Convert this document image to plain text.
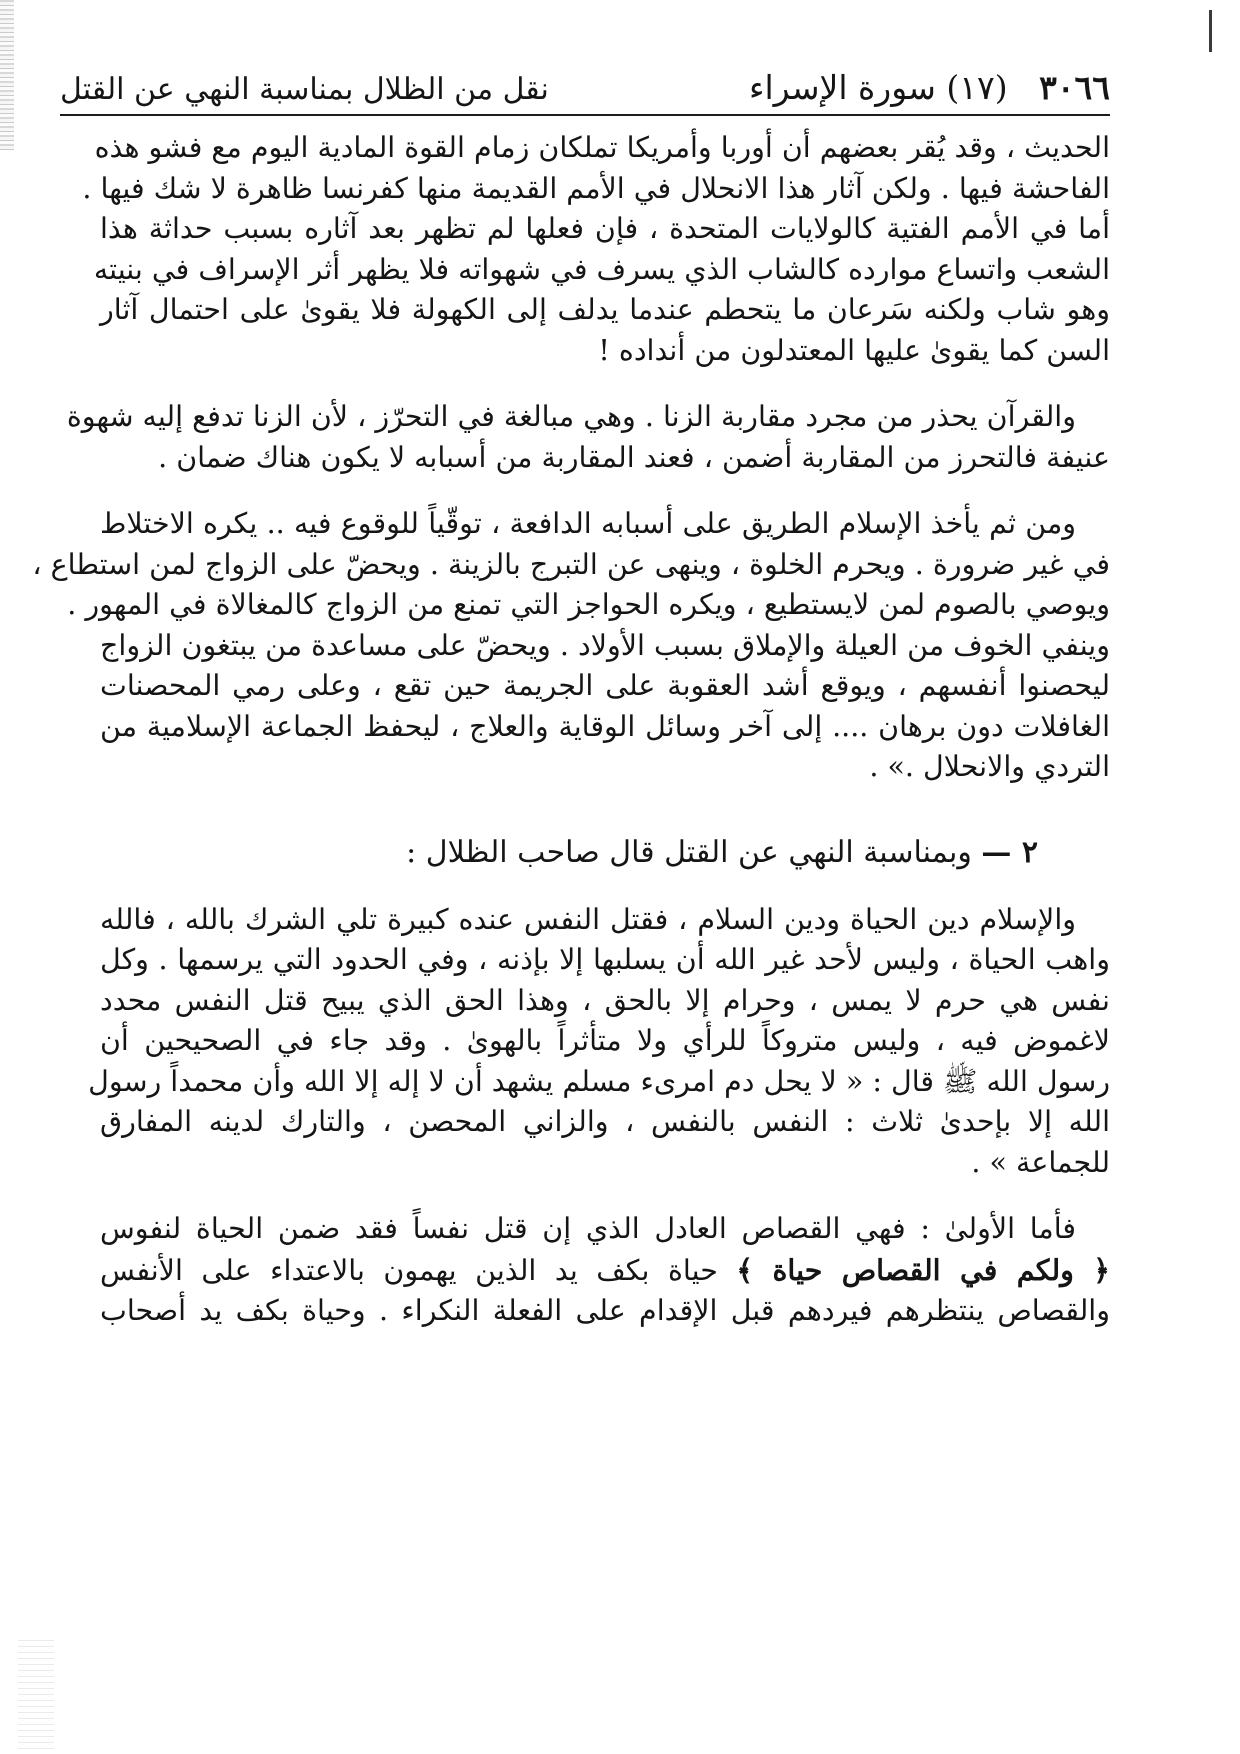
٣٠٦٦   (١٧) سورة الإسراء
نقل من الظلال بمناسبة النهي عن القتل

الحديث ، وقد يُقر بعضهم أن أوربا وأمريكا تملكان زمام القوة المادية اليوم مع فشو هذه
الفاحشة فيها . ولكن آثار هذا الانحلال في الأمم القديمة منها كفرنسا ظاهرة لا شك فيها .
أما في الأمم الفتية كالولايات المتحدة ، فإن فعلها لم تظهر بعد آثاره بسبب حداثة هذا
الشعب واتساع موارده كالشاب الذي يسرف في شهواته فلا يظهر أثر الإسراف في بنيته
وهو شاب ولكنه سَرعان ما يتحطم عندما يدلف إلى الكهولة فلا يقوىٰ على احتمال آثار
السن كما يقوىٰ عليها المعتدلون من أنداده !

والقرآن يحذر من مجرد مقاربة الزنا . وهي مبالغة في التحرّز ، لأن الزنا تدفع إليه شهوة
عنيفة فالتحرز من المقاربة أضمن ، فعند المقاربة من أسبابه لا يكون هناك ضمان .

ومن ثم يأخذ الإسلام الطريق على أسبابه الدافعة ، توقّياً للوقوع فيه .. يكره الاختلاط
في غير ضرورة . ويحرم الخلوة ، وينهى عن التبرج بالزينة . ويحضّ على الزواج لمن استطاع ،
ويوصي بالصوم لمن لايستطيع ، ويكره الحواجز التي تمنع من الزواج كالمغالاة في المهور .
وينفي الخوف من العيلة والإملاق بسبب الأولاد . ويحضّ على مساعدة من يبتغون الزواج
ليحصنوا أنفسهم ، ويوقع أشد العقوبة على الجريمة حين تقع ، وعلى رمي المحصنات
الغافلات دون برهان .... إلى آخر وسائل الوقاية والعلاج ، ليحفظ الجماعة الإسلامية من
التردي والانحلال .» .

٢ — وبمناسبة النهي عن القتل قال صاحب الظلال :

والإسلام دين الحياة ودين السلام ، فقتل النفس عنده كبيرة تلي الشرك بالله ، فالله
واهب الحياة ، وليس لأحد غير الله أن يسلبها إلا بإذنه ، وفي الحدود التي يرسمها . وكل
نفس هي حرم لا يمس ، وحرام إلا بالحق ، وهذا الحق الذي يبيح قتل النفس محدد
لاغموض فيه ، وليس متروكاً للرأي ولا متأثراً بالهوىٰ . وقد جاء في الصحيحين أن
رسول الله ﷺ قال : « لا يحل دم امرىء مسلم يشهد أن لا إله إلا الله وأن محمداً رسول
الله إلا بإحدىٰ ثلاث : النفس بالنفس ، والزاني المحصن ، والتارك لدينه المفارق
للجماعة » .

فأما الأولىٰ : فهي القصاص العادل الذي إن قتل نفساً فقد ضمن الحياة لنفوس
﴿ ولكم في القصاص حياة ﴾ حياة بكف يد الذين يهمون بالاعتداء على الأنفس
والقصاص ينتظرهم فيردهم قبل الإقدام على الفعلة النكراء . وحياة بكف يد أصحاب
